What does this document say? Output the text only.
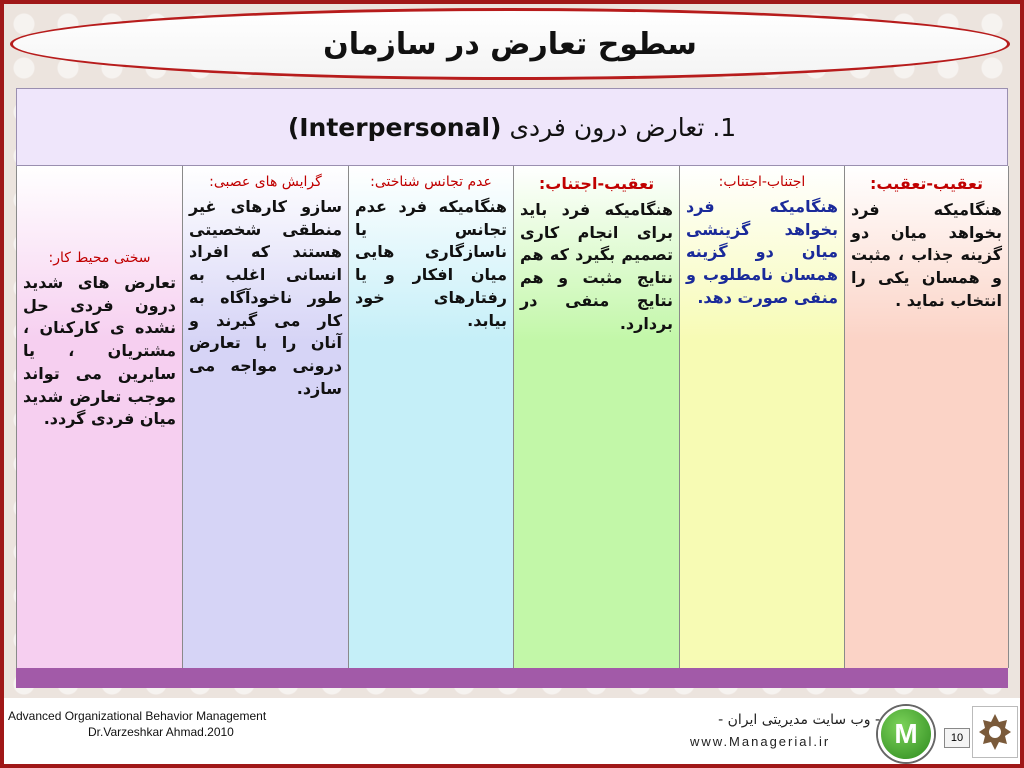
سطوح تعارض در سازمان
1. تعارض درون فردی (Interpersonal)
تعقیب-تعقیب:
هنگامیکه فرد بخواهد میان دو گزینه جذاب ، مثبت و همسان یکی را انتخاب نماید .
اجتناب-اجتناب:
هنگامیکه فرد بخواهد گزینشی میان دو گزینه همسان نامطلوب و منفی صورت دهد.
تعقیب-اجتناب:
هنگامیکه فرد باید برای انجام کاری تصمیم بگیرد که هم نتایج مثبت و هم نتایج منفی در بردارد.
عدم تجانس شناختی:
هنگامیکه فرد عدم تجانس یا ناسازگاری هایی میان افکار و یا رفتارهای خود بیابد.
گرایش های عصبی:
سازو کارهای غیر منطقی شخصیتی هستند که افراد انسانی اغلب به طور ناخودآگاه به کار می گیرند و آنان را با تعارض درونی مواجه می سازد.
سختی محیط کار:
تعارض های شدید درون فردی حل نشده ی کارکنان ، مشتریان ، یا سایرین می تواند موجب تعارض شدید میان فردی گردد.
Advanced Organizational Behavior Management
Dr.Varzeshkar Ahmad.2010
- وب سایت مدیریتی ایران -
www.Managerial.ir	M	10
